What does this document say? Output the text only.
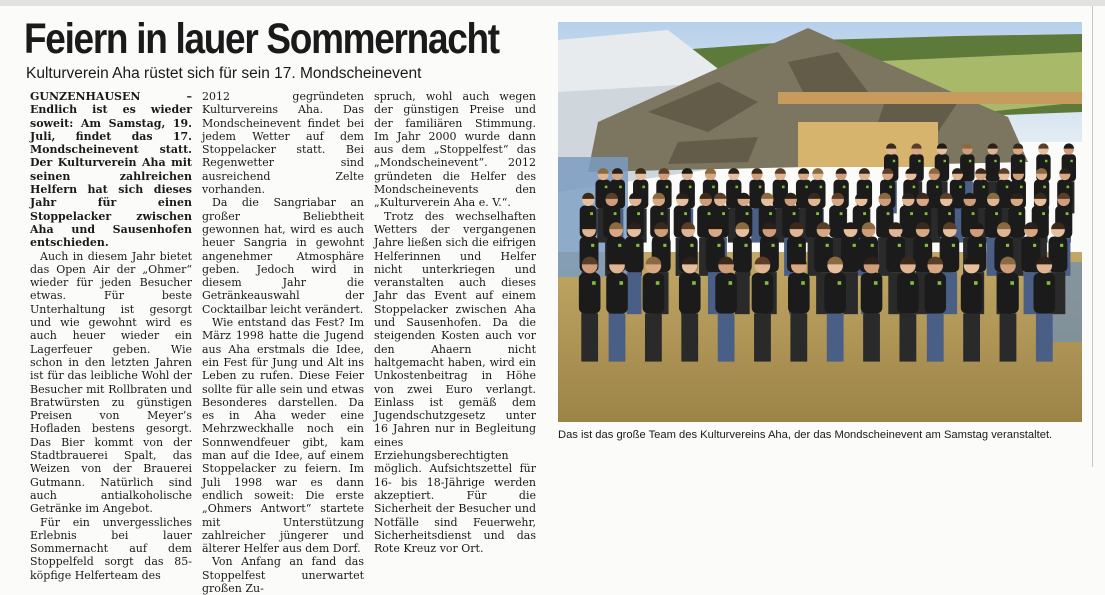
Feiern in lauer Sommernacht
Kulturverein Aha rüstet sich für sein 17. Mondscheinevent

GUNZENHAUSEN – Endlich ist es wieder soweit: Am Samstag, 19. Juli, findet das 17. Mondscheinevent statt. Der Kulturverein Aha mit seinen zahlreichen Helfern hat sich dieses Jahr für einen Stoppelacker zwischen Aha und Sausenhofen entschieden.

Auch in diesem Jahr bietet das Open Air der „Ohmer“ wieder für jeden Besucher etwas. Für beste Unterhaltung ist gesorgt und wie gewohnt wird es auch heuer wieder ein Lagerfeuer geben. Wie schon in den letzten Jahren ist für das leibliche Wohl der Besucher mit Rollbraten und Bratwürsten zu günstigen Preisen von Meyer’s Hofladen bestens gesorgt. Das Bier kommt von der Stadtbrauerei Spalt, das Weizen von der Brauerei Gutmann. Natürlich sind auch antialkoholische Getränke im Angebot.

Für ein unvergessliches Erlebnis bei lauer Sommernacht auf dem Stoppelfeld sorgt das 85-köpfige Helferteam des

2012 gegründeten Kulturvereins Aha. Das Mondscheinevent findet bei jedem Wetter auf dem Stoppelacker statt. Bei Regenwetter sind ausreichend Zelte vorhanden.

Da die Sangriabar an großer Beliebtheit gewonnen hat, wird es auch heuer Sangria in gewohnt angenehmer Atmosphäre geben. Jedoch wird in diesem Jahr die Getränkeauswahl der Cocktailbar leicht verändert.

Wie entstand das Fest? Im März 1998 hatte die Jugend aus Aha erstmals die Idee, ein Fest für Jung und Alt ins Leben zu rufen. Diese Feier sollte für alle sein und etwas Besonderes darstellen. Da es in Aha weder eine Mehrzweckhalle noch ein Sonnwendfeuer gibt, kam man auf die Idee, auf einem Stoppelacker zu feiern. Im Juli 1998 war es dann endlich soweit: Die erste „Ohmers Antwort“ startete mit Unterstützung zahlreicher jüngerer und älterer Helfer aus dem Dorf.

Von Anfang an fand das Stoppelfest unerwartet großen Zu-

spruch, wohl auch wegen der günstigen Preise und der familiären Stimmung. Im Jahr 2000 wurde dann aus dem „Stoppelfest“ das „Mondscheinevent“. 2012 gründeten die Helfer des Mondscheinevents den „Kulturverein Aha e. V.“.

Trotz des wechselhaften Wetters der vergangenen Jahre ließen sich die eifrigen Helferinnen und Helfer nicht unterkriegen und veranstalten auch dieses Jahr das Event auf einem Stoppelacker zwischen Aha und Sausenhofen. Da die steigenden Kosten auch vor den Ahaern nicht haltgemacht haben, wird ein Unkostenbeitrag in Höhe von zwei Euro verlangt. Einlass ist gemäß dem Jugendschutzgesetz unter 16 Jahren nur in Begleitung eines Erziehungsberechtigten möglich. Aufsichtszettel für 16- bis 18-Jährige werden akzeptiert. Für die Sicherheit der Besucher und Notfälle sind Feuerwehr, Sicherheitsdienst und das Rote Kreuz vor Ort.

Das ist das große Team des Kulturvereins Aha, der das Mondscheinevent am Samstag veranstaltet.
